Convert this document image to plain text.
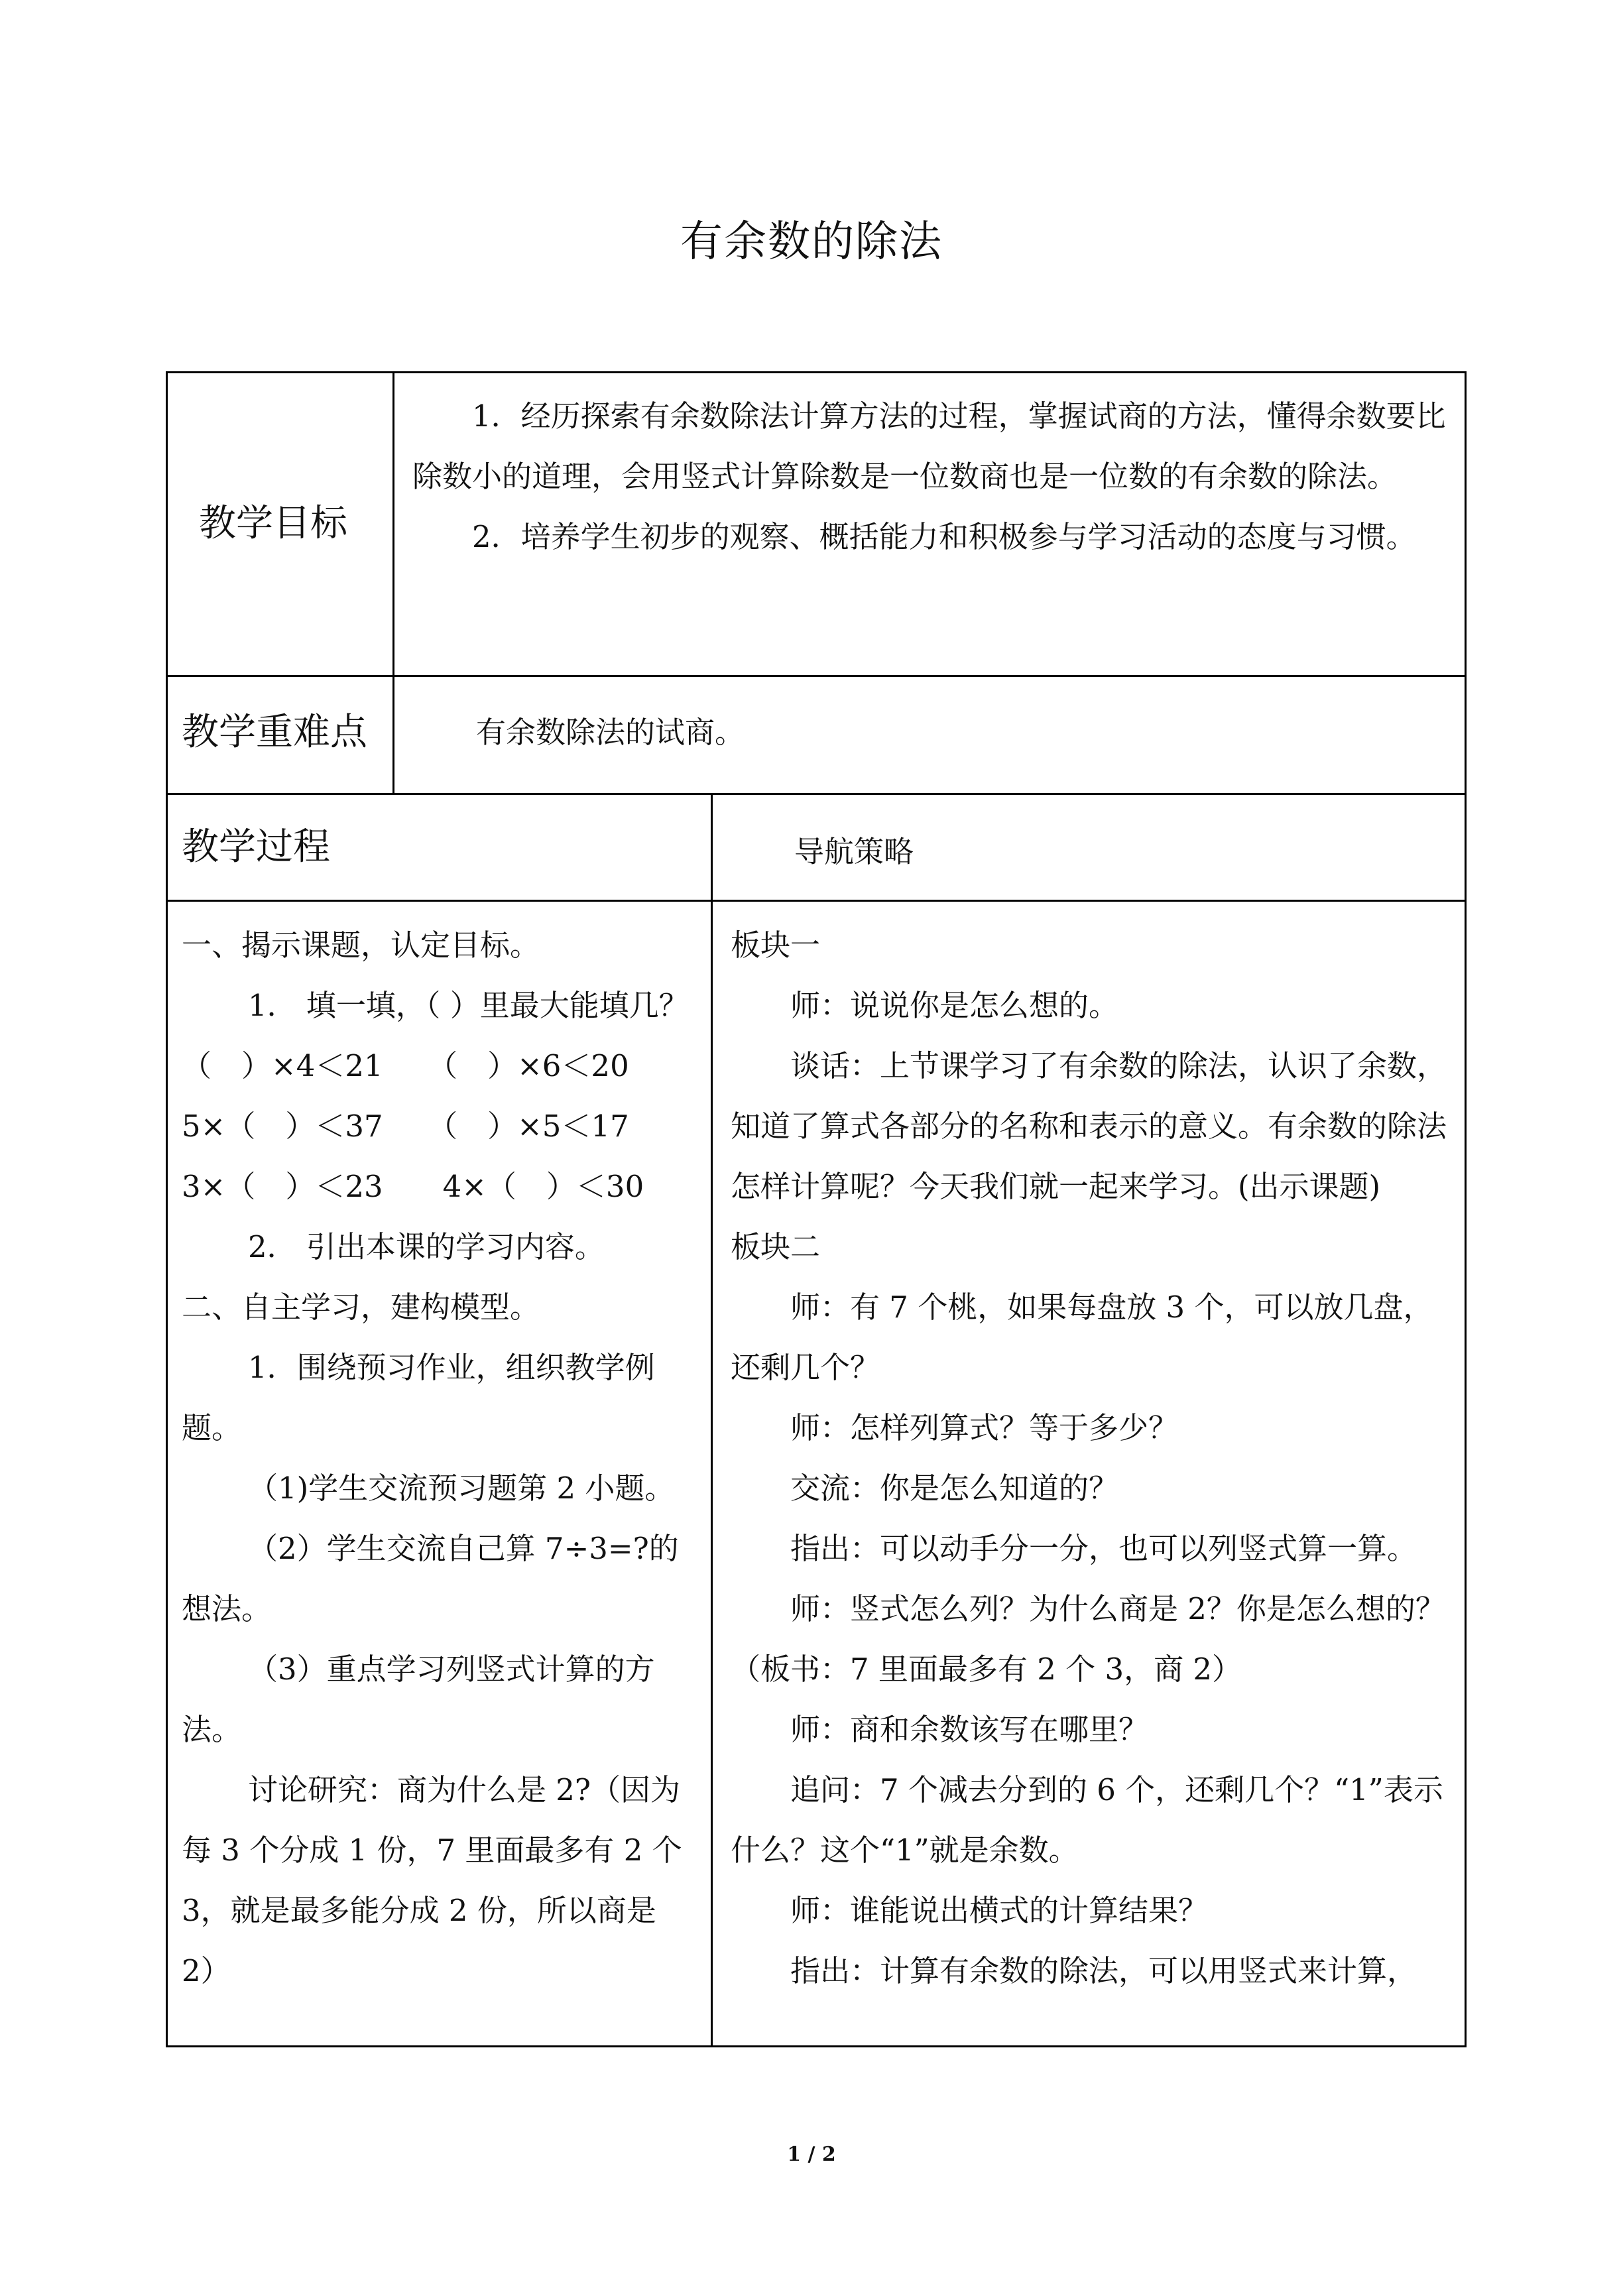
有余数的除法
教学目标

1．经历探索有余数除法计算方法的过程，掌握试商的方法，懂得余数要比除数小的道理，会用竖式计算除数是一位数商也是一位数的有余数的除法。

2．培养学生初步的观察、概括能力和积极参与学习活动的态度与习惯。

教学重难点	有余数除法的试商。
教学过程	导航策略

一、揭示课题，认定目标。

1． 填一填，（ ）里最大能填几？

（　）×4＜21　　（　）×6＜20

5×（　）＜37　　（　）×5＜17

3×（　）＜23　　4×（　）＜30

2． 引出本课的学习内容。

二、自主学习，建构模型。

1．围绕预习作业，组织教学例题。

（1)学生交流预习题第 2 小题。

（2）学生交流自己算 7÷3=?的想法。

（3）重点学习列竖式计算的方法。

讨论研究：商为什么是 2?（因为每 3 个分成 1 份，7 里面最多有 2 个 3，就是最多能分成 2 份，所以商是 2）

板块一

师：说说你是怎么想的。

谈话：上节课学习了有余数的除法，认识了余数，知道了算式各部分的名称和表示的意义。有余数的除法怎样计算呢？今天我们就一起来学习。(出示课题)

板块二

师：有 7 个桃，如果每盘放 3 个，可以放几盘，还剩几个？

师：怎样列算式？等于多少？

交流：你是怎么知道的？

指出：可以动手分一分，也可以列竖式算一算。

师：竖式怎么列？为什么商是 2？你是怎么想的？（板书：7 里面最多有 2 个 3，商 2）

师：商和余数该写在哪里？

追问：7 个减去分到的 6 个，还剩几个？“1”表示什么？这个“1”就是余数。

师：谁能说出横式的计算结果？

指出：计算有余数的除法，可以用竖式来计算，

1 / 2
